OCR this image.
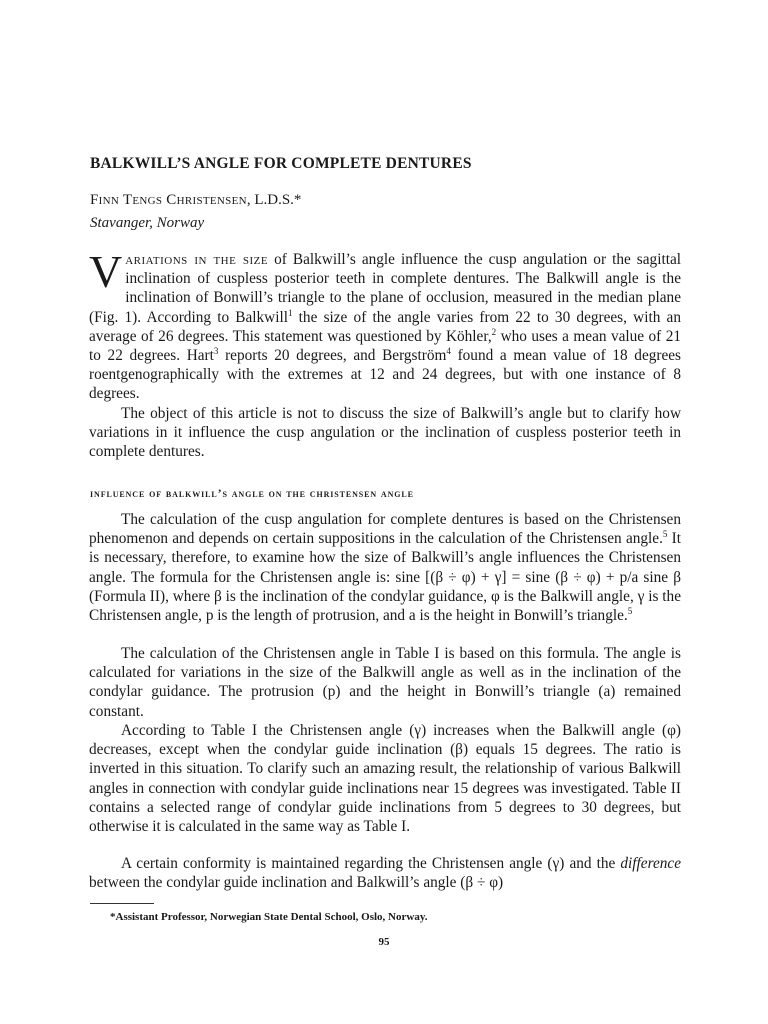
BALKWILL’S ANGLE FOR COMPLETE DENTURES

Finn Tengs Christensen, L.D.S.*

Stavanger, Norway

Variations in the size of Balkwill’s angle influence the cusp angulation or the sagittal inclination of cuspless posterior teeth in complete dentures. The Balkwill angle is the inclination of Bonwill’s triangle to the plane of occlusion, measured in the median plane (Fig. 1). According to Balkwill$^1$ the size of the angle varies from 22 to 30 degrees, with an average of 26 degrees. This statement was questioned by Köhler,$^2$ who uses a mean value of 21 to 22 degrees. Hart$^3$ reports 20 degrees, and Bergström$^4$ found a mean value of 18 degrees roentgenographically with the extremes at 12 and 24 degrees, but with one instance of 8 degrees.

The object of this article is not to discuss the size of Balkwill’s angle but to clarify how variations in it influence the cusp angulation or the inclination of cuspless posterior teeth in complete dentures.

influence of balkwill’s angle on the christensen angle

The calculation of the cusp angulation for complete dentures is based on the Christensen phenomenon and depends on certain suppositions in the calculation of the Christensen angle.$^5$ It is necessary, therefore, to examine how the size of Balkwill’s angle influences the Christensen angle. The formula for the Christensen angle is: sine [(β ÷ φ) + γ] = sine (β ÷ φ) + p/a sine β (Formula II), where β is the inclination of the condylar guidance, φ is the Balkwill angle, γ is the Christensen angle, p is the length of protrusion, and a is the height in Bonwill’s triangle.$^5$

The calculation of the Christensen angle in Table I is based on this formula. The angle is calculated for variations in the size of the Balkwill angle as well as in the inclination of the condylar guidance. The protrusion (p) and the height in Bonwill’s triangle (a) remained constant.

According to Table I the Christensen angle (γ) increases when the Balkwill angle (φ) decreases, except when the condylar guide inclination (β) equals 15 degrees. The ratio is inverted in this situation. To clarify such an amazing result, the relationship of various Balkwill angles in connection with condylar guide inclinations near 15 degrees was investigated. Table II contains a selected range of condylar guide inclinations from 5 degrees to 30 degrees, but otherwise it is calculated in the same way as Table I.

A certain conformity is maintained regarding the Christensen angle (γ) and the difference between the condylar guide inclination and Balkwill’s angle (β ÷ φ)

*Assistant Professor, Norwegian State Dental School, Oslo, Norway.

95
